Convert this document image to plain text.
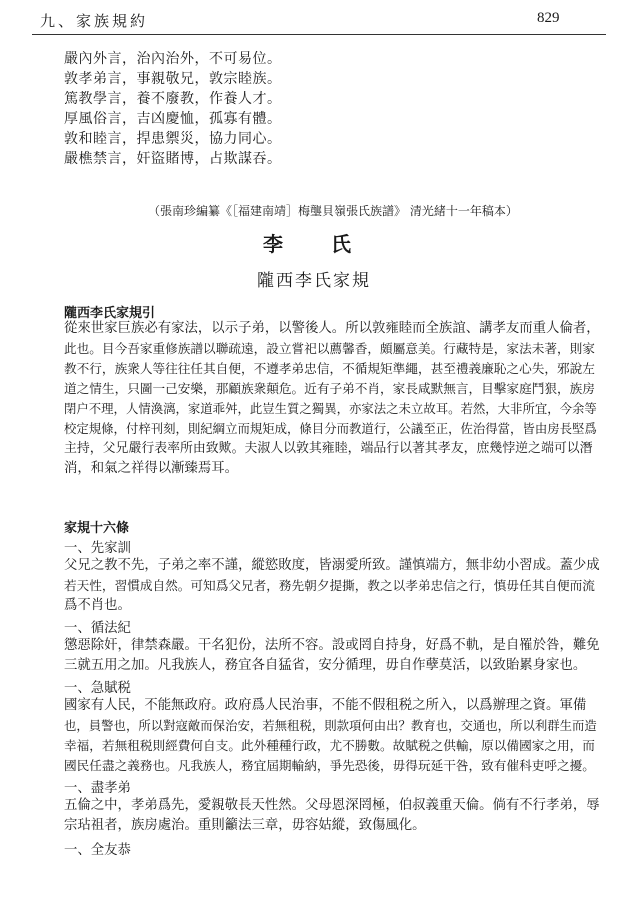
九、家族規約	829
嚴內外言，治內治外，不可易位。
敦孝弟言，事親敬兄，敦宗睦族。
篤教學言，養不廢教，作養人才。
厚風俗言，吉凶慶恤，孤寡有體。
敦和睦言，捍患禦災，協力同心。
嚴樵禁言，奸盜賭博，占欺謀吞。
（張南珍編纂《［福建南靖］梅壟貝嶺張氏族譜》 清光緒十一年稿本）
李　氏
隴西李氏家規
隴西李氏家規引
從來世家巨族必有家法，以示子弟，以警後人。所以敦雍睦而全族誼、講孝友而重人倫者，
此也。目今吾家重修族譜以聯疏遠，設立嘗祀以薦馨香，頗屬意美。行藏特是，家法未著，則家
教不行，族衆人等往往任其自便，不遵孝弟忠信，不循規矩準繩，甚至禮義廉恥之心失，邪說左
道之情生，只圖一己安樂，那顧族衆顛危。近有子弟不肖，家長咸默無言，目擊家庭鬥狠，族房
閉户不理，人情渙漓，家道乖舛，此豈生質之獨異，亦家法之未立故耳。若然，大非所宜，今余等
校定規條，付梓刊刻，則紀綱立而規矩成，條目分而教道行，公議至正，佐治得當，皆由房長堅爲
主持，父兄嚴行表率所由致歟。夫淑人以敦其雍睦，端品行以著其孝友，庶幾悖逆之端可以潛
消，和氣之祥得以漸臻焉耳。
家規十六條
一、先家訓
父兄之教不先，子弟之率不謹，縱慾敗度，皆溺愛所致。謹慎端方，無非幼小習成。蓋少成
若天性，習慣成自然。可知爲父兄者，務先朝夕提撕，教之以孝弟忠信之行，慎毋任其自便而流
爲不肖也。
一、循法紀
懲惡除奸，律禁森嚴。干名犯份，法所不容。設或罔自持身，好爲不軌，是自罹於咎，難免
三就五用之加。凡我族人，務宜各自猛省，安分循理，毋自作孽莫活，以致貽累身家也。
一、急賦税
國家有人民，不能無政府。政府爲人民治事，不能不假租税之所入，以爲辦理之資。軍備
也，員警也，所以對寇敵而保治安，若無租税，則款項何由出？教育也，交通也，所以利群生而造
幸福，若無租税則經費何自支。此外種種行政，尤不勝數。故賦税之供輸，原以備國家之用，而
國民任盡之義務也。凡我族人，務宜屆期輸納，爭先恐後，毋得玩延干咎，致有催科吏呼之擾。
一、盡孝弟
五倫之中，孝弟爲先，愛親敬長天性然。父母恩深罔極，伯叔義重天倫。倘有不行孝弟，辱
宗玷祖者，族房處治。重則籲法三章，毋容姑縱，致傷風化。
一、全友恭
